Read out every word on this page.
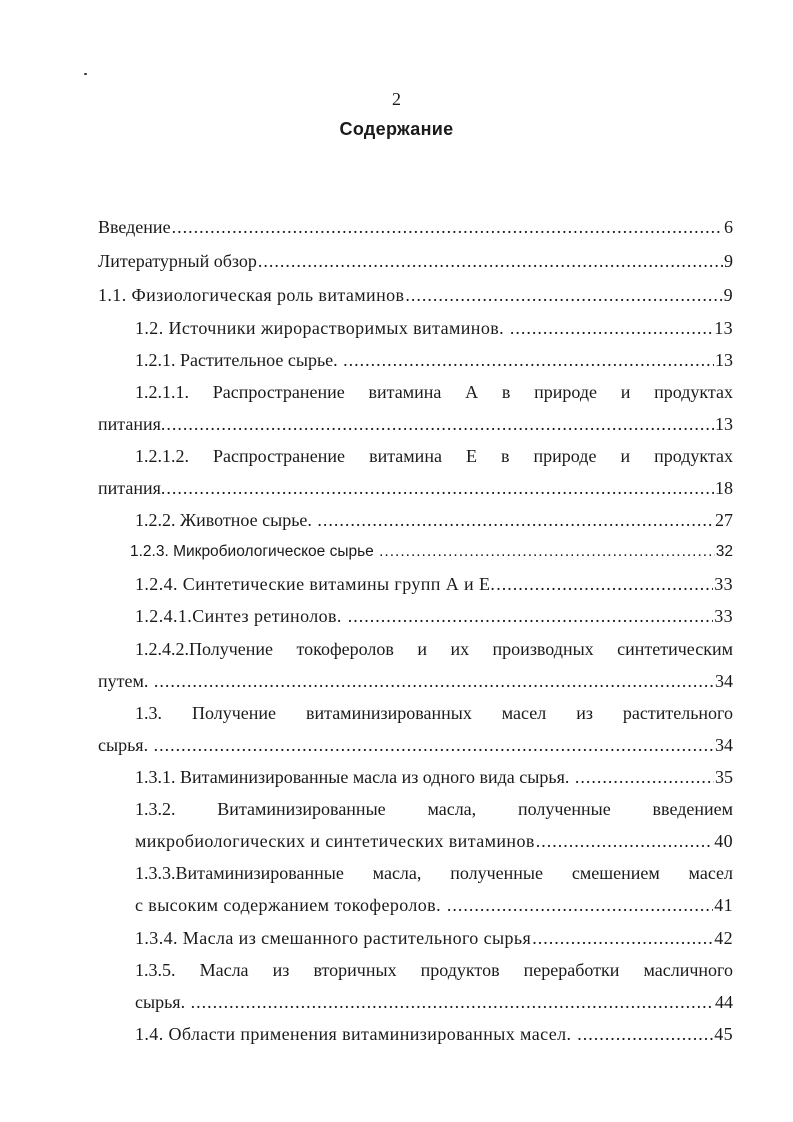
2
Содержание
Введение .....	6
Литературный обзор .....	9
1.1. Физиологическая роль витаминов .....	9
1.2. Источники жирорастворимых витаминов. .....	13
1.2.1. Растительное сырье. .....	13
1.2.1.1. Распространение витамина А в природе и продуктах
питания. .....	13
1.2.1.2. Распространение витамина Е в природе и продуктах
питания. .....	18
1.2.2. Животное сырье. .....	27
1.2.3. Микробиологическое сырье .....	32
1.2.4. Синтетические витамины групп А и Е. .....	33
1.2.4.1.Синтез ретинолов. .....	33
1.2.4.2.Получение токоферолов и их производных синтетическим
путем. .....	34
1.3. Получение витаминизированных масел из растительного
сырья. .....	34
1.3.1. Витаминизированные масла из одного вида сырья. .....	35
1.3.2. Витаминизированные масла, полученные введением
микробиологических и синтетических витаминов .....	40
1.3.3.Витаминизированные масла, полученные смешением масел
с высоким содержанием токоферолов. .....	41
1.3.4. Масла из смешанного растительного сырья .....	42
1.3.5. Масла из вторичных продуктов переработки масличного
сырья. .....	44
1.4. Области применения витаминизированных масел. .....	45
